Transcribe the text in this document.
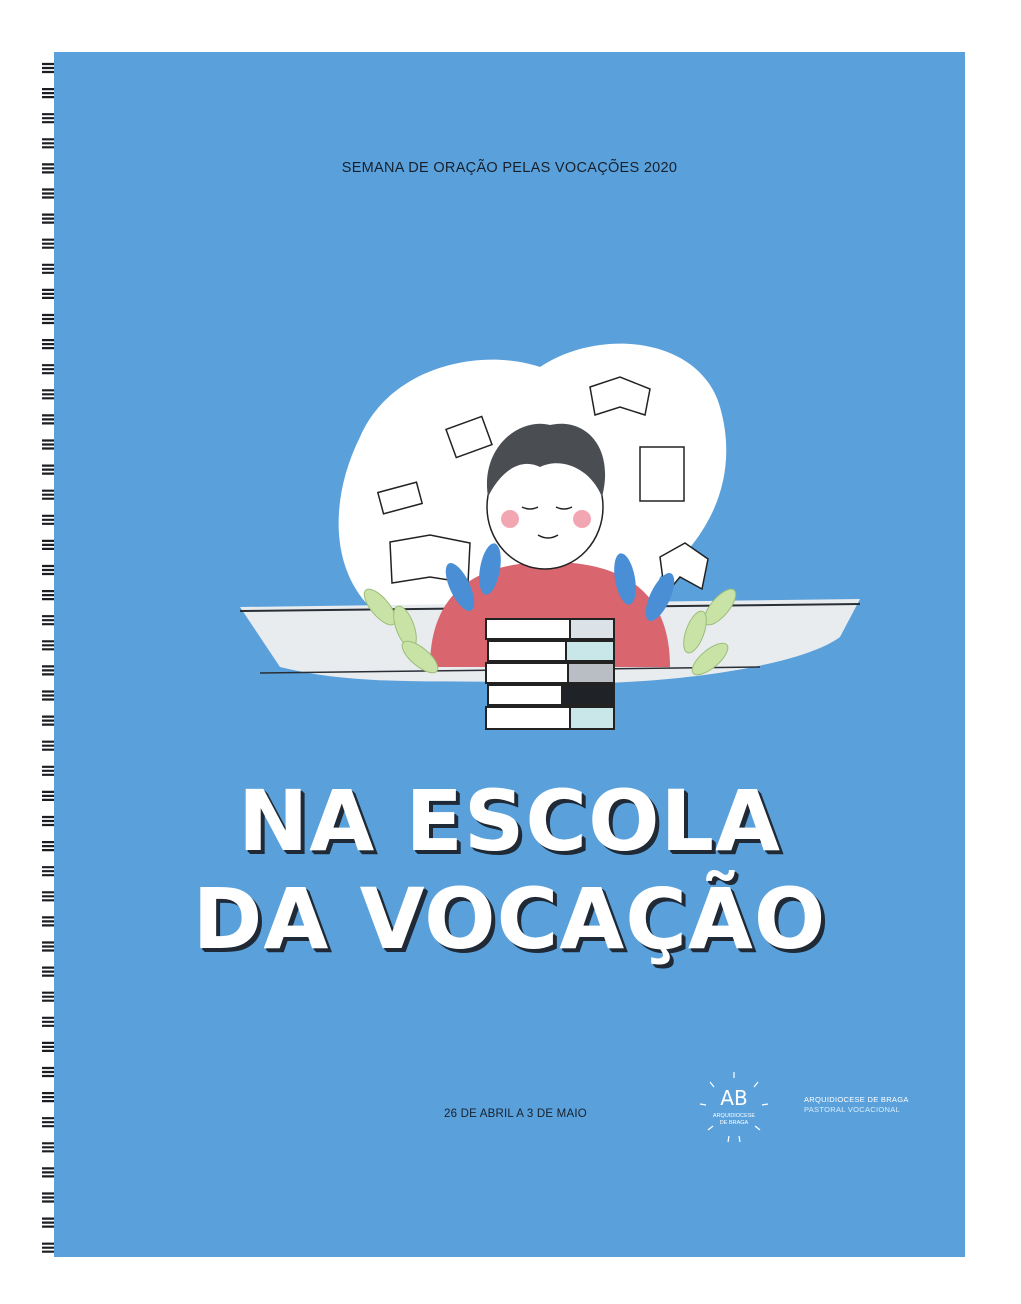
SEMANA DE ORAÇÃO PELAS VOCAÇÕES 2020
NA ESCOLA
DA VOCAÇÃO
26 DE ABRIL A 3 DE MAIO
AB
ARQUIDIOCESE
DE BRAGA
ARQUIDIOCESE DE BRAGA
PASTORAL VOCACIONAL
